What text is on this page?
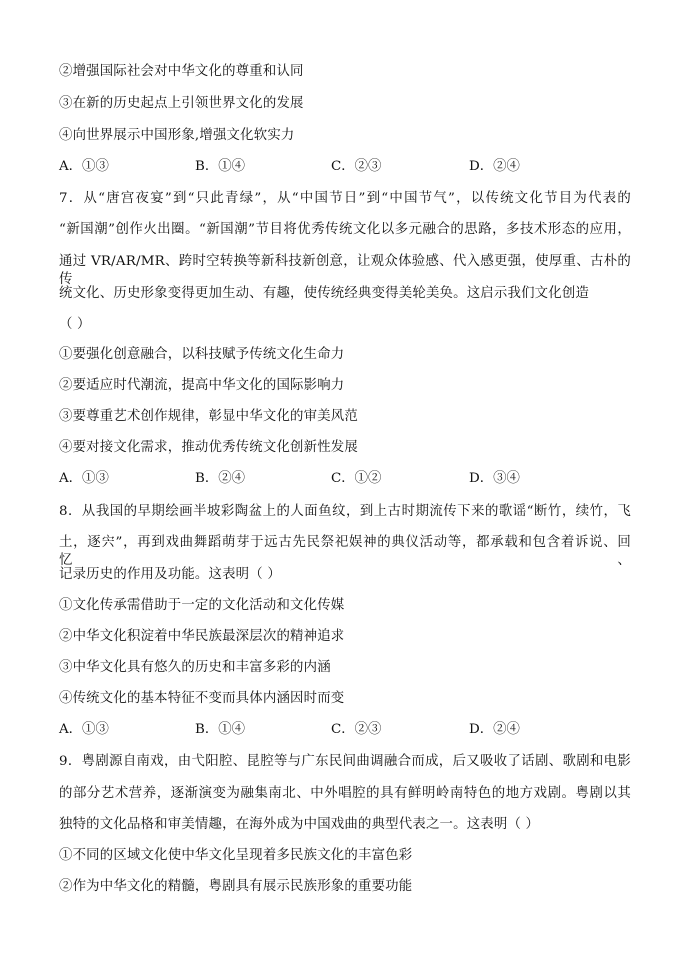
②增强国际社会对中华文化的尊重和认同
③在新的历史起点上引领世界文化的发展
④向世界展示中国形象,增强文化软实力
A．①③	B．①④	C．②③	D．②④
7．从“唐宫夜宴”到“只此青绿”，从“中国节日”到“中国节气”，以传统文化节目为代表的
“新国潮”创作火出圈。“新国潮”节目将优秀传统文化以多元融合的思路，多技术形态的应用，
通过 VR/AR/MR、跨时空转换等新科技新创意，让观众体验感、代入感更强，使厚重、古朴的传
统文化、历史形象变得更加生动、有趣，使传统经典变得美轮美奂。这启示我们文化创造
（ ）
①要强化创意融合，以科技赋予传统文化生命力
②要适应时代潮流，提高中华文化的国际影响力
③要尊重艺术创作规律，彰显中华文化的审美风范
④要对接文化需求，推动优秀传统文化创新性发展
A．①③	B．②④	C．①②	D．③④
8．从我国的早期绘画半坡彩陶盆上的人面鱼纹，到上古时期流传下来的歌谣“断竹，续竹，飞
土，逐宍”，再到戏曲舞蹈萌芽于远古先民祭祀娱神的典仪活动等，都承载和包含着诉说、回忆、
记录历史的作用及功能。这表明（ ）
①文化传承需借助于一定的文化活动和文化传媒
②中华文化积淀着中华民族最深层次的精神追求
③中华文化具有悠久的历史和丰富多彩的内涵
④传统文化的基本特征不变而具体内涵因时而变
A．①③	B．①④	C．②③	D．②④
9．粤剧源自南戏，由弋阳腔、昆腔等与广东民间曲调融合而成，后又吸收了话剧、歌剧和电影
的部分艺术营养，逐渐演变为融集南北、中外唱腔的具有鲜明岭南特色的地方戏剧。粤剧以其
独特的文化品格和审美情趣，在海外成为中国戏曲的典型代表之一。这表明（ ）
①不同的区域文化使中华文化呈现着多民族文化的丰富色彩
②作为中华文化的精髓，粤剧具有展示民族形象的重要功能
